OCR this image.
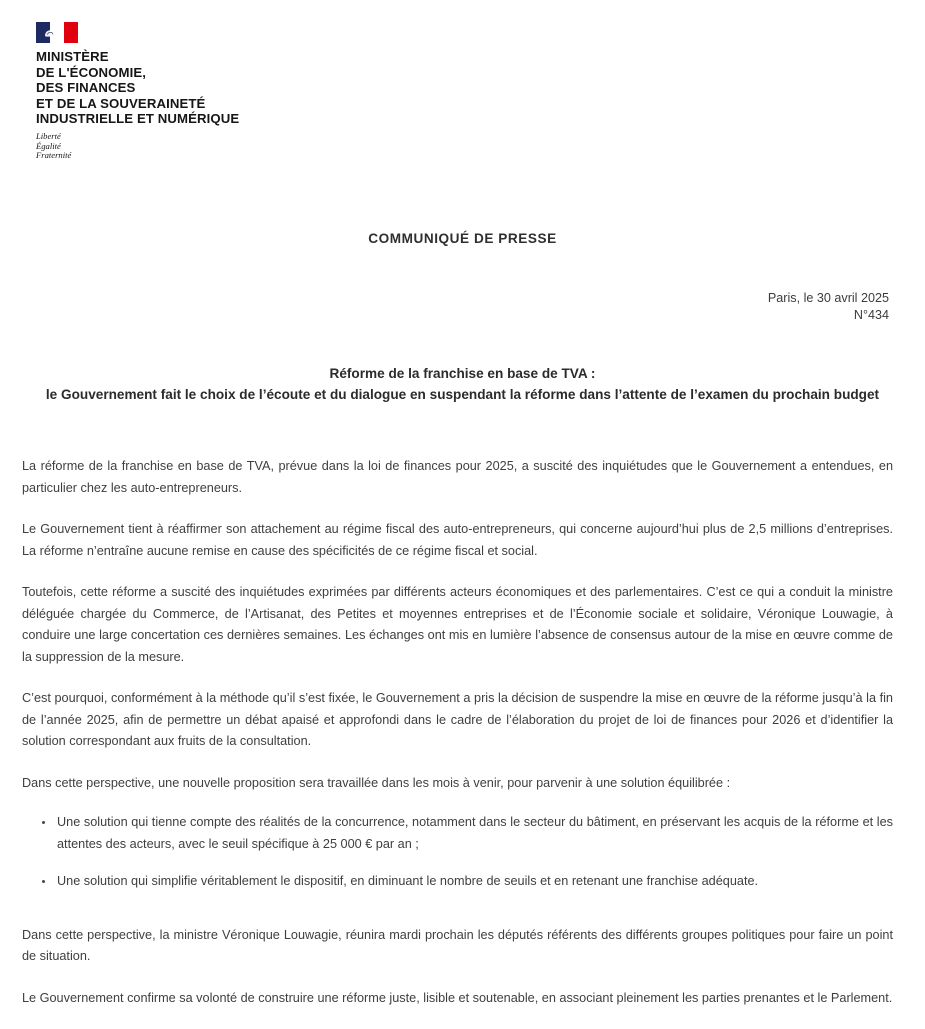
MINISTÈRE
DE L'ÉCONOMIE,
DES FINANCES
ET DE LA SOUVERAINETÉ
INDUSTRIELLE ET NUMÉRIQUE
Liberté
Égalité
Fraternité
COMMUNIQUÉ DE PRESSE
Paris, le 30 avril 2025
N°434
Réforme de la franchise en base de TVA :
le Gouvernement fait le choix de l’écoute et du dialogue en suspendant la réforme dans l’attente de l’examen du prochain budget

La réforme de la franchise en base de TVA, prévue dans la loi de finances pour 2025, a suscité des inquiétudes que le Gouvernement a entendues, en particulier chez les auto-entrepreneurs.

Le Gouvernement tient à réaffirmer son attachement au régime fiscal des auto-entrepreneurs, qui concerne aujourd’hui plus de 2,5 millions d’entreprises. La réforme n’entraîne aucune remise en cause des spécificités de ce régime fiscal et social.

Toutefois, cette réforme a suscité des inquiétudes exprimées par différents acteurs économiques et des parlementaires. C’est ce qui a conduit la ministre déléguée chargée du Commerce, de l’Artisanat, des Petites et moyennes entreprises et de l’Économie sociale et solidaire, Véronique Louwagie, à conduire une large concertation ces dernières semaines. Les échanges ont mis en lumière l’absence de consensus autour de la mise en œuvre comme de la suppression de la mesure.

C’est pourquoi, conformément à la méthode qu’il s’est fixée, le Gouvernement a pris la décision de suspendre la mise en œuvre de la réforme jusqu’à la fin de l’année 2025, afin de permettre un débat apaisé et approfondi dans le cadre de l’élaboration du projet de loi de finances pour 2026 et d’identifier la solution correspondant aux fruits de la consultation.

Dans cette perspective, une nouvelle proposition sera travaillée dans les mois à venir, pour parvenir à une solution équilibrée :

Une solution qui tienne compte des réalités de la concurrence, notamment dans le secteur du bâtiment, en préservant les acquis de la réforme et les attentes des acteurs, avec le seuil spécifique à 25 000 € par an ;
Une solution qui simplifie véritablement le dispositif, en diminuant le nombre de seuils et en retenant une franchise adéquate.

Dans cette perspective, la ministre Véronique Louwagie, réunira mardi prochain les députés référents des différents groupes politiques pour faire un point de situation.

Le Gouvernement confirme sa volonté de construire une réforme juste, lisible et soutenable, en associant pleinement les parties prenantes et le Parlement.
